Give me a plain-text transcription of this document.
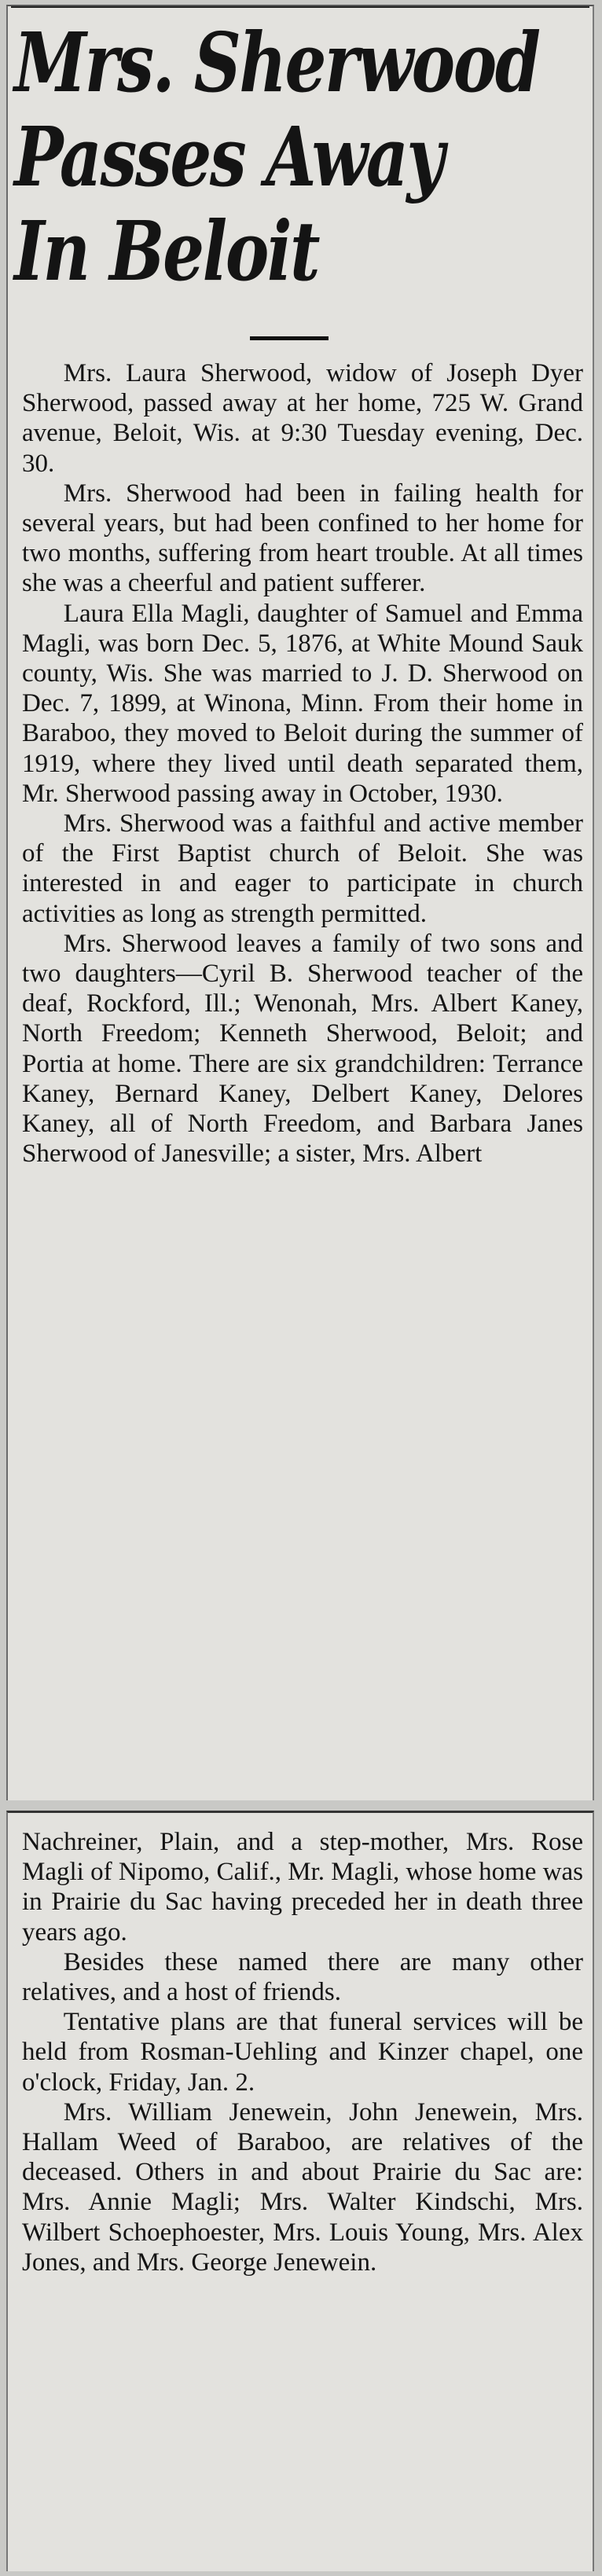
Mrs. Sherwood
Passes Away
In Beloit

Mrs. Laura Sherwood, widow of Joseph Dyer Sherwood, passed away at her home, 725 W. Grand avenue, Beloit, Wis. at 9:30 Tuesday evening, Dec. 30.

Mrs. Sherwood had been in failing health for several years, but had been confined to her home for two months, suffering from heart trouble. At all times she was a cheerful and patient sufferer.

Laura Ella Magli, daughter of Samuel and Emma Magli, was born Dec. 5, 1876, at White Mound Sauk county, Wis. She was married to J. D. Sherwood on Dec. 7, 1899, at Winona, Minn. From their home in Baraboo, they moved to Beloit during the summer of 1919, where they lived until death separated them, Mr. Sherwood passing away in October, 1930.

Mrs. Sherwood was a faithful and active member of the First Baptist church of Beloit. She was interested in and eager to participate in church activities as long as strength permitted.

Mrs. Sherwood leaves a family of two sons and two daughters—Cyril B. Sherwood teacher of the deaf, Rockford, Ill.; Wenonah, Mrs. Albert Kaney, North Freedom; Kenneth Sherwood, Beloit; and Portia at home. There are six grandchildren: Terrance Kaney, Bernard Kaney, Delbert Kaney, Delores Kaney, all of North Freedom, and Barbara Janes Sherwood of Janesville; a sister, Mrs. Albert

Nachreiner, Plain, and a step-mother, Mrs. Rose Magli of Nipomo, Calif., Mr. Magli, whose home was in Prairie du Sac having preceded her in death three years ago.

Besides these named there are many other relatives, and a host of friends.

Tentative plans are that funeral services will be held from Rosman-Uehling and Kinzer chapel, one o'clock, Friday, Jan. 2.

Mrs. William Jenewein, John Jenewein, Mrs. Hallam Weed of Baraboo, are relatives of the deceased. Others in and about Prairie du Sac are: Mrs. Annie Magli; Mrs. Walter Kindschi, Mrs. Wilbert Schoephoester, Mrs. Louis Young, Mrs. Alex Jones, and Mrs. George Jenewein.
